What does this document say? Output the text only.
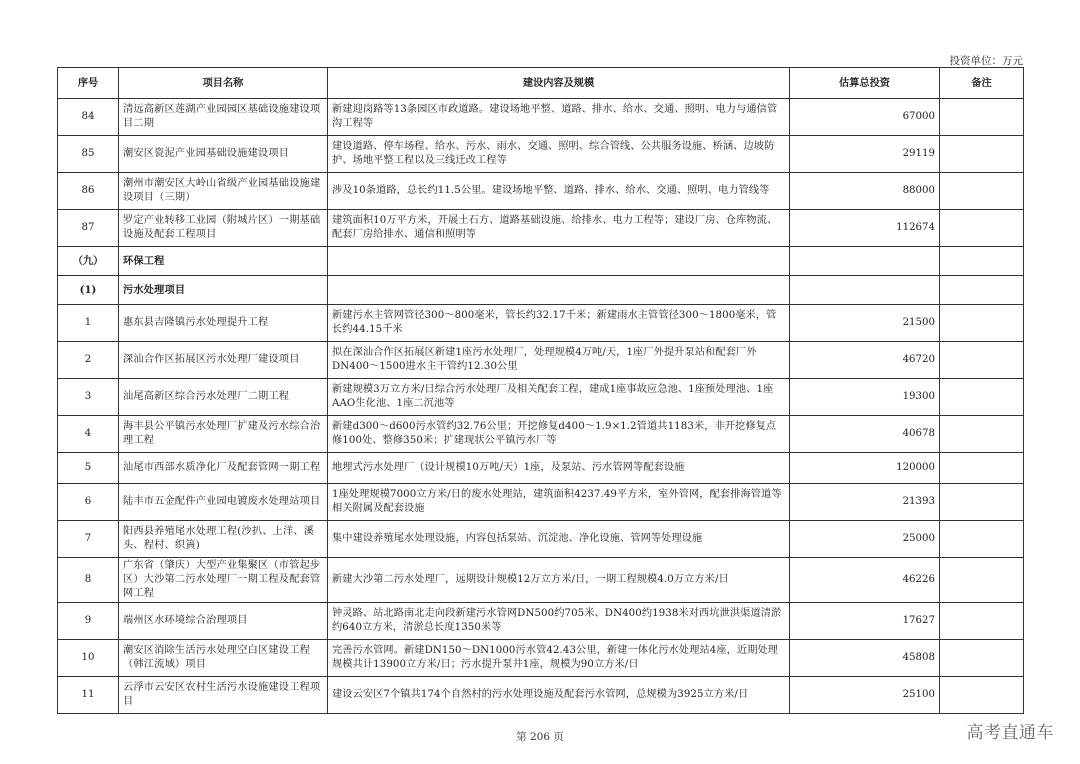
投资单位：万元
序号	项目名称	建设内容及规模	估算总投资	备注
84	清远高新区莲湖产业园园区基础设施建设项目二期	新建迎岗路等13条园区市政道路。建设场地平整、道路、排水、给水、交通、照明、电力与通信管沟工程等	67000	
85	潮安区瓷泥产业园基础设施建设项目	建设道路、停车场程、给水、污水、雨水、交通、照明、综合管线、公共服务设施、桥涵、边坡防护、场地平整工程以及三线迁改工程等	29119	
86	潮州市潮安区大岭山省级产业园基础设施建设项目（三期）	涉及10条道路，总长约11.5公里。建设场地平整、道路、排水、给水、交通、照明、电力管线等	88000	
87	罗定产业转移工业园（附城片区）一期基础设施及配套工程项目	建筑面积10万平方米，开展土石方、道路基础设施、给排水、电力工程等；建设厂房、仓库物流、配套厂房给排水、通信和照明等	112674	
（九）	环保工程			
(1)	污水处理项目			
1	惠东县吉隆镇污水处理提升工程	新建污水主管网管径300～800毫米，管长约32.17千米；新建雨水主管管径300～1800毫米，管长约44.15千米	21500	
2	深汕合作区拓展区污水处理厂建设项目	拟在深汕合作区拓展区新建1座污水处理厂，处理规模4万吨/天，1座厂外提升泵站和配套厂外DN400～1500进水主干管约12.30公里	46720	
3	汕尾高新区综合污水处理厂二期工程	新建规模3万立方米/日综合污水处理厂及相关配套工程，建成1座事故应急池、1座预处理池、1座AAO生化池、1座二沉池等	19300	
4	海丰县公平镇污水处理厂扩建及污水综合治理工程	新建d300～d600污水管约32.76公里；开挖修复d400～1.9×1.2管道共1183米，非开挖修复点修100处、整修350米；扩建现状公平镇污水厂等	40678	
5	汕尾市西部水质净化厂及配套管网一期工程	地埋式污水处理厂（设计规模10万吨/天）1座，及泵站、污水管网等配套设施	120000	
6	陆丰市五金配件产业园电镀废水处理站项目	1座处理规模7000立方米/日的废水处理站，建筑面积4237.49平方米，室外管网，配套排海管道等相关附属及配套设施	21393	
7	阳西县养殖尾水处理工程(沙扒、上洋、溪头、程村、织篢)	集中建设养殖尾水处理设施，内容包括泵站、沉淀池、净化设施、管网等处理设施	25000	
8	广东省（肇庆）大型产业集聚区（市管起步区）大沙第二污水处理厂一期工程及配套管网工程	新建大沙第二污水处理厂，远期设计规模12万立方米/日，一期工程规模4.0万立方米/日	46226	
9	端州区水环境综合治理项目	钟灵路、站北路南北走向段新建污水管网DN500约705米、DN400约1938米对西坑泄洪渠道清淤约640立方米，清淤总长度1350米等	17627	
10	潮安区消除生活污水处理空白区建设工程（韩江流域）项目	完善污水管网。新建DN150～DN1000污水管42.43公里，新建一体化污水处理站4座，近期处理规模共计13900立方米/日；污水提升泵井1座，规模为90立方米/日	45808	
11	云浮市云安区农村生活污水设施建设工程项目	建设云安区7个镇共174个自然村的污水处理设施及配套污水管网，总规模为3925立方米/日	25100	
第 206 页	高考直通车
